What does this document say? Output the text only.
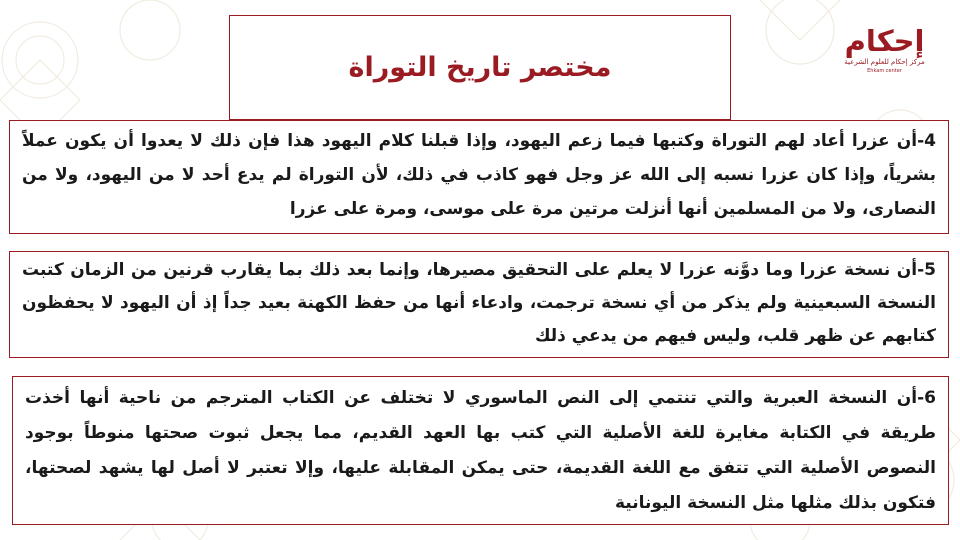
مختصر تاريخ التوراة
إحكام
مركز إحكام للعلوم الشرعية
Ehkam center
4-أن عزرا أعاد لهم التوراة وكتبها فيما زعم اليهود، وإذا قبلنا كلام اليهود هذا فإن ذلك لا يعدوا أن يكون عملاً بشرياً، وإذا كان عزرا نسبه إلى الله عز وجل فهو كاذب في ذلك، لأن التوراة لم يدع أحد لا من اليهود، ولا من النصارى، ولا من المسلمين أنها أنزلت مرتين مرة على موسى، ومرة على عزرا
5-أن نسخة عزرا وما دوَّنه عزرا لا يعلم على التحقيق مصيرها، وإنما بعد ذلك بما يقارب قرنين من الزمان كتبت النسخة السبعينية ولم يذكر من أي نسخة ترجمت، وادعاء أنها من حفظ الكهنة بعيد جداً إذ أن اليهود لا يحفظون كتابهم عن ظهر قلب، وليس فيهم من يدعي ذلك
6-أن النسخة العبرية والتي تنتمي إلى النص الماسوري لا تختلف عن الكتاب المترجم من ناحية أنها أخذت طريقة في الكتابة مغايرة للغة الأصلية التي كتب بها العهد القديم، مما يجعل ثبوت صحتها منوطاً بوجود النصوص الأصلية التي تتفق مع اللغة القديمة، حتى يمكن المقابلة عليها، وإلا تعتبر لا أصل لها يشهد لصحتها، فتكون بذلك مثلها مثل النسخة اليونانية
